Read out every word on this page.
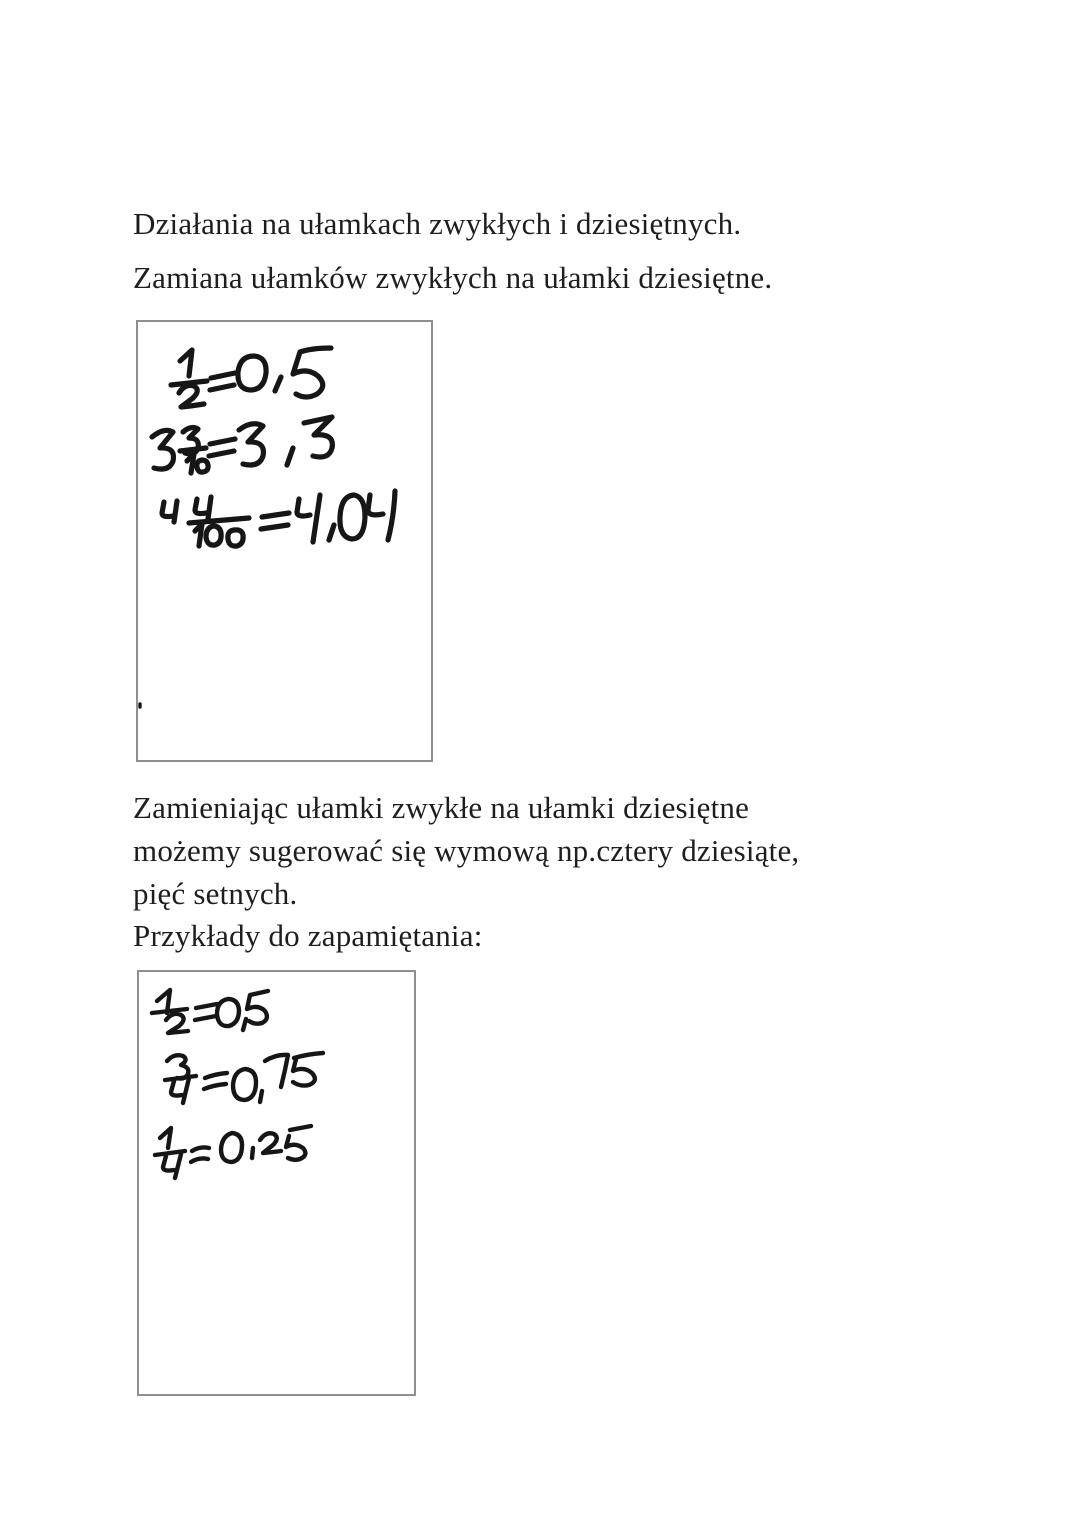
Działania na ułamkach zwykłych i dziesiętnych.
Zamiana ułamków zwykłych na ułamki dziesiętne.
Zamieniając ułamki zwykłe na ułamki dziesiętne
możemy sugerować się wymową np.cztery dziesiąte,
pięć setnych.
Przykłady do zapamiętania:
